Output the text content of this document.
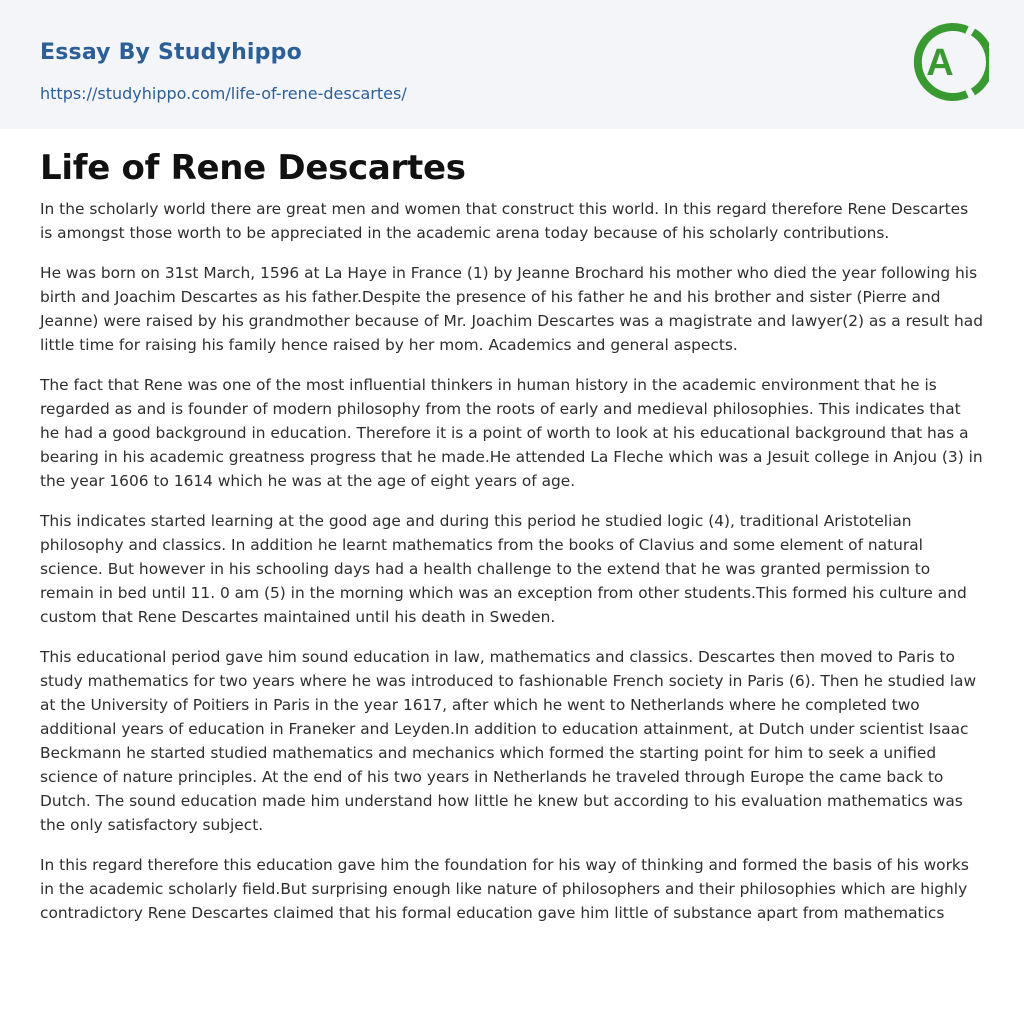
Essay By Studyhippo
https://studyhippo.com/life-of-rene-descartes/
A
Life of Rene Descartes

In the scholarly world there are great men and women that construct this world. In this regard therefore Rene Descartes is amongst those worth to be appreciated in the academic arena today because of his scholarly contributions.

He was born on 31st March, 1596 at La Haye in France (1) by Jeanne Brochard his mother who died the year following his birth and Joachim Descartes as his father.Despite the presence of his father he and his brother and sister (Pierre and Jeanne) were raised by his grandmother because of Mr. Joachim Descartes was a magistrate and lawyer(2) as a result had little time for raising his family hence raised by her mom. Academics and general aspects.

The fact that Rene was one of the most influential thinkers in human history in the academic environment that he is regarded as and is founder of modern philosophy from the roots of early and medieval philosophies. This indicates that he had a good background in education. Therefore it is a point of worth to look at his educational background that has a bearing in his academic greatness progress that he made.He attended La Fleche which was a Jesuit college in Anjou (3) in the year 1606 to 1614 which he was at the age of eight years of age.

This indicates started learning at the good age and during this period he studied logic (4), traditional Aristotelian philosophy and classics. In addition he learnt mathematics from the books of Clavius and some element of natural science. But however in his schooling days had a health challenge to the extend that he was granted permission to remain in bed until 11. 0 am (5) in the morning which was an exception from other students.This formed his culture and custom that Rene Descartes maintained until his death in Sweden.

This educational period gave him sound education in law, mathematics and classics. Descartes then moved to Paris to study mathematics for two years where he was introduced to fashionable French society in Paris (6). Then he studied law at the University of Poitiers in Paris in the year 1617, after which he went to Netherlands where he completed two additional years of education in Franeker and Leyden.In addition to education attainment, at Dutch under scientist Isaac Beckmann he started studied mathematics and mechanics which formed the starting point for him to seek a unified science of nature principles. At the end of his two years in Netherlands he traveled through Europe the came back to Dutch. The sound education made him understand how little he knew but according to his evaluation mathematics was the only satisfactory subject.

In this regard therefore this education gave him the foundation for his way of thinking and formed the basis of his works in the academic scholarly field.But surprising enough like nature of philosophers and their philosophies which are highly contradictory Rene Descartes claimed that his formal education gave him little of substance apart from mathematics
